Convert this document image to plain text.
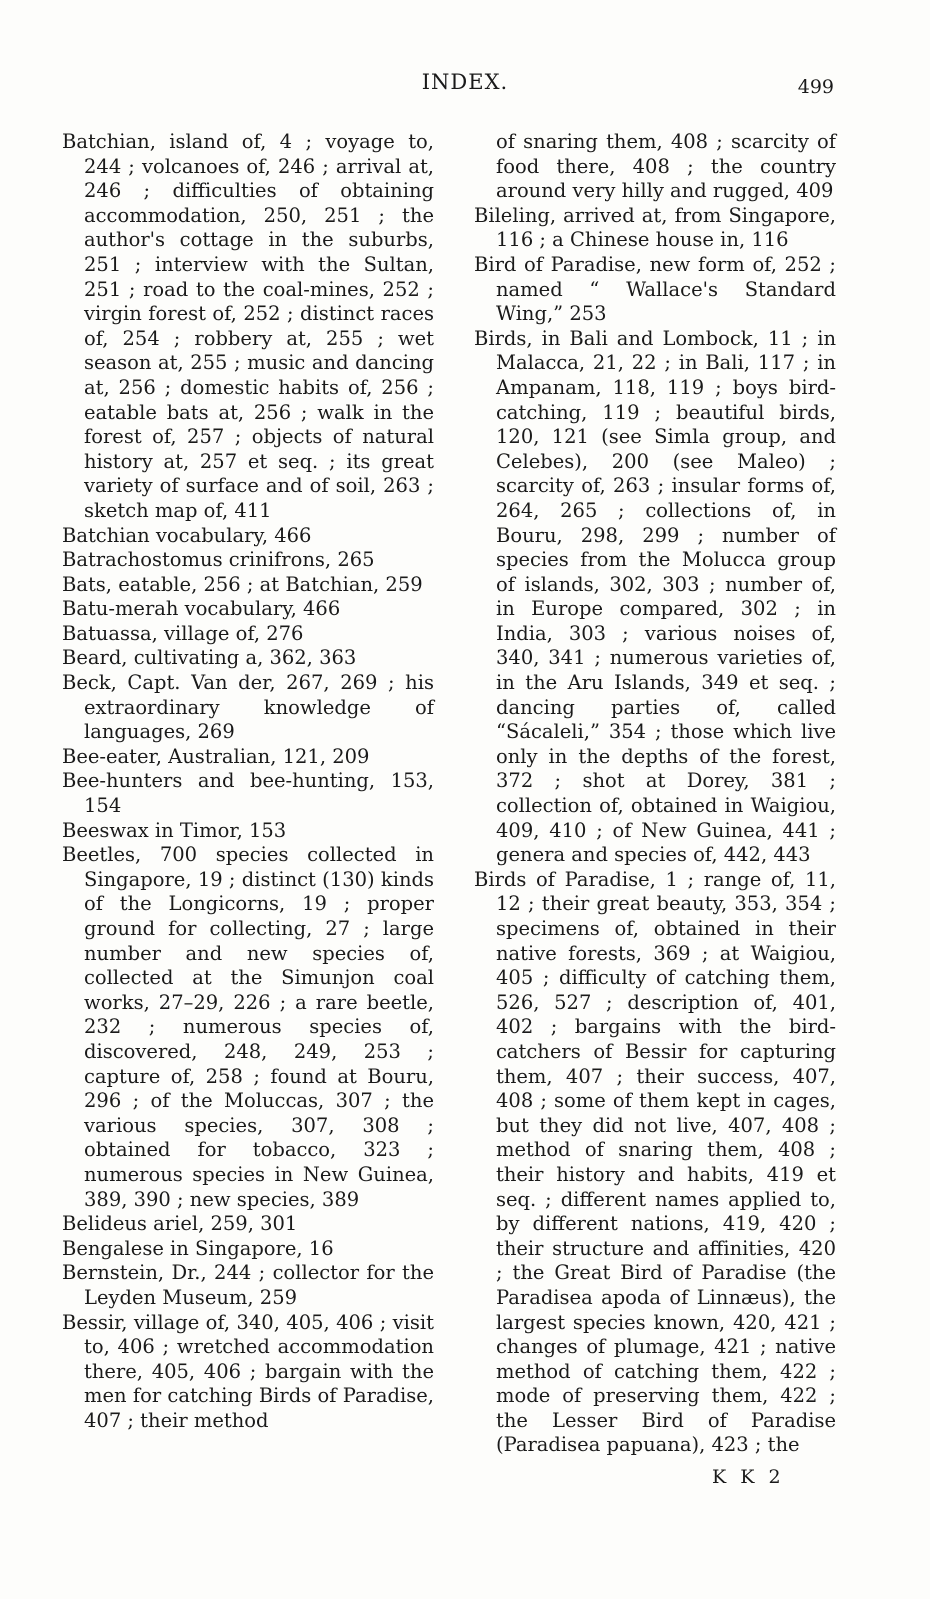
INDEX.	499

Batchian, island of, 4 ; voyage to, 244 ; volcanoes of, 246 ; arrival at, 246 ; difficulties of obtaining accommodation, 250, 251 ; the author's cottage in the suburbs, 251 ; interview with the Sultan, 251 ; road to the coal-mines, 252 ; virgin forest of, 252 ; distinct races of, 254 ; robbery at, 255 ; wet season at, 255 ; music and dancing at, 256 ; domestic habits of, 256 ; eatable bats at, 256 ; walk in the forest of, 257 ; objects of natural history at, 257 et seq. ; its great variety of surface and of soil, 263 ; sketch map of, 411

Batchian vocabulary, 466

Batrachostomus crinifrons, 265

Bats, eatable, 256 ; at Batchian, 259

Batu-merah vocabulary, 466

Batuassa, village of, 276

Beard, cultivating a, 362, 363

Beck, Capt. Van der, 267, 269 ; his extraordinary knowledge of languages, 269

Bee-eater, Australian, 121, 209

Bee-hunters and bee-hunting, 153, 154

Beeswax in Timor, 153

Beetles, 700 species collected in Singapore, 19 ; distinct (130) kinds of the Longicorns, 19 ; proper ground for collecting, 27 ; large number and new species of, collected at the Simunjon coal works, 27–29, 226 ; a rare beetle, 232 ; numerous species of, discovered, 248, 249, 253 ; capture of, 258 ; found at Bouru, 296 ; of the Moluccas, 307 ; the various species, 307, 308 ; obtained for tobacco, 323 ; numerous species in New Guinea, 389, 390 ; new species, 389

Belideus ariel, 259, 301

Bengalese in Singapore, 16

Bernstein, Dr., 244 ; collector for the Leyden Museum, 259

Bessir, village of, 340, 405, 406 ; visit to, 406 ; wretched accommodation there, 405, 406 ; bargain with the men for catching Birds of Paradise, 407 ; their method

of snaring them, 408 ; scarcity of food there, 408 ; the country around very hilly and rugged, 409

Bileling, arrived at, from Singapore, 116 ; a Chinese house in, 116

Bird of Paradise, new form of, 252 ; named “ Wallace's Standard Wing,” 253

Birds, in Bali and Lombock, 11 ; in Malacca, 21, 22 ; in Bali, 117 ; in Ampanam, 118, 119 ; boys bird-catching, 119 ; beautiful birds, 120, 121 (see Simla group, and Celebes), 200 (see Maleo) ; scarcity of, 263 ; insular forms of, 264, 265 ; collections of, in Bouru, 298, 299 ; number of species from the Molucca group of islands, 302, 303 ; number of, in Europe compared, 302 ; in India, 303 ; various noises of, 340, 341 ; numerous varieties of, in the Aru Islands, 349 et seq. ; dancing parties of, called “Sácaleli,” 354 ; those which live only in the depths of the forest, 372 ; shot at Dorey, 381 ; collection of, obtained in Waigiou, 409, 410 ; of New Guinea, 441 ; genera and species of, 442, 443

Birds of Paradise, 1 ; range of, 11, 12 ; their great beauty, 353, 354 ; specimens of, obtained in their native forests, 369 ; at Waigiou, 405 ; difficulty of catching them, 526, 527 ; description of, 401, 402 ; bargains with the bird-catchers of Bessir for capturing them, 407 ; their success, 407, 408 ; some of them kept in cages, but they did not live, 407, 408 ; method of snaring them, 408 ; their history and habits, 419 et seq. ; different names applied to, by different nations, 419, 420 ; their structure and affinities, 420 ; the Great Bird of Paradise (the Paradisea apoda of Linnæus), the largest species known, 420, 421 ; changes of plumage, 421 ; native method of catching them, 422 ; mode of preserving them, 422 ; the Lesser Bird of Paradise (Paradisea papuana), 423 ; the

K K 2
